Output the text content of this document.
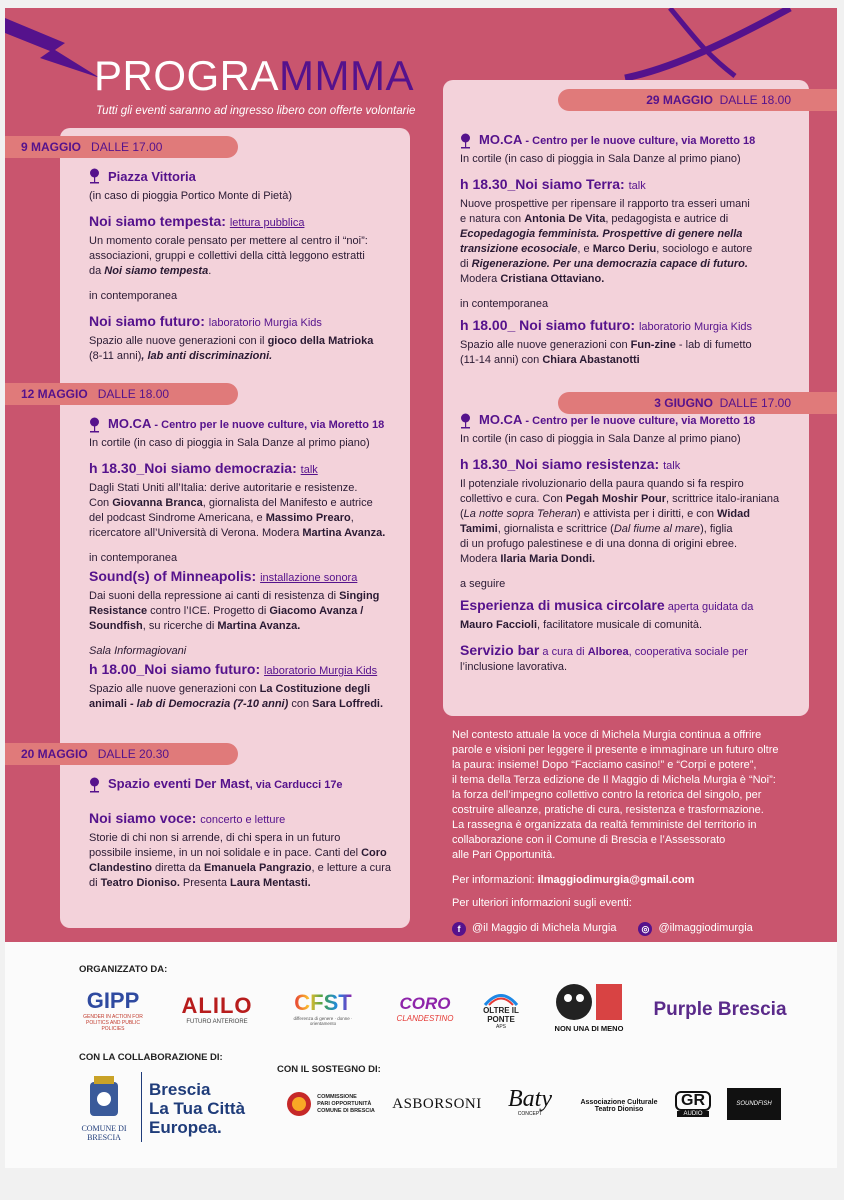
PROGRAMMMA
Tutti gli eventi saranno ad ingresso libero con offerte volontarie
9 MAGGIO DALLE 17.00
Piazza Vittoria

(in caso di pioggia Portico Monte di Pietà)

Noi siamo tempesta: lettura pubblica

Un momento corale pensato per mettere al centro il “noi”:

associazioni, gruppi e collettivi della città leggono estratti

da Noi siamo tempesta.

in contemporanea

Noi siamo futuro: laboratorio Murgia Kids

Spazio alle nuove generazioni con il gioco della Matrioka

(8-11 anni), lab anti discriminazioni.

12 MAGGIO DALLE 18.00
MO.CA - Centro per le nuove culture, via Moretto 18

In cortile (in caso di pioggia in Sala Danze al primo piano)

h 18.30_Noi siamo democrazia: talk

Dagli Stati Uniti all’Italia: derive autoritarie e resistenze.

Con Giovanna Branca, giornalista del Manifesto e autrice

del podcast Sindrome Americana, e Massimo Prearo,

ricercatore all’Università di Verona. Modera Martina Avanza.

in contemporanea

Sound(s) of Minneapolis: installazione sonora

Dai suoni della repressione ai canti di resistenza di Singing

Resistance contro l’ICE. Progetto di Giacomo Avanza /

Soundfish, su ricerche di Martina Avanza.

Sala Informagiovani

h 18.00_Noi siamo futuro: laboratorio Murgia Kids

Spazio alle nuove generazioni con La Costituzione degli

animali - lab di Democrazia (7-10 anni) con Sara Loffredi.

20 MAGGIO DALLE 20.30
Spazio eventi Der Mast, via Carducci 17e
Noi siamo voce: concerto e letture

Storie di chi non si arrende, di chi spera in un futuro

possibile insieme, in un noi solidale e in pace. Canti del Coro

Clandestino diretta da Emanuela Pangrazio, e letture a cura

di Teatro Dioniso. Presenta Laura Mentasti.

29 MAGGIO DALLE 18.00
MO.CA - Centro per le nuove culture, via Moretto 18

In cortile (in caso di pioggia in Sala Danze al primo piano)

h 18.30_Noi siamo Terra: talk

Nuove prospettive per ripensare il rapporto tra esseri umani

e natura con Antonia De Vita, pedagogista e autrice di

Ecopedagogia femminista. Prospettive di genere nella

transizione ecosociale, e Marco Deriu, sociologo e autore

di Rigenerazione. Per una democrazia capace di futuro.

Modera Cristiana Ottaviano.

in contemporanea

h 18.00_ Noi siamo futuro: laboratorio Murgia Kids

Spazio alle nuove generazioni con Fun-zine - lab di fumetto

(11-14 anni) con Chiara Abastanotti

3 GIUGNO DALLE 17.00
MO.CA - Centro per le nuove culture, via Moretto 18

In cortile (in caso di pioggia in Sala Danze al primo piano)

h 18.30_Noi siamo resistenza: talk

Il potenziale rivoluzionario della paura quando si fa respiro

collettivo e cura. Con Pegah Moshir Pour, scrittrice italo-iraniana

(La notte sopra Teheran) e attivista per i diritti, e con Widad

Tamimi, giornalista e scrittrice (Dal fiume al mare), figlia

di un profugo palestinese e di una donna di origini ebree.

Modera Ilaria Maria Dondi.

a seguire

Esperienza di musica circolare aperta guidata da

Mauro Faccioli, facilitatore musicale di comunità.

Servizio bar a cura di Alborea, cooperativa sociale per

l’inclusione lavorativa.

Nel contesto attuale la voce di Michela Murgia continua a offrire

parole e visioni per leggere il presente e immaginare un futuro oltre

la paura: insieme! Dopo “Facciamo casino!” e “Corpi e potere”,

il tema della Terza edizione de Il Maggio di Michela Murgia è “Noi”:

la forza dell’impegno collettivo contro la retorica del singolo, per

costruire alleanze, pratiche di cura, resistenza e trasformazione.

La rassegna è organizzata da realtà femministe del territorio in

collaborazione con il Comune di Brescia e l’Assessorato

alle Pari Opportunità.

Per informazioni: ilmaggiodimurgia@gmail.com

Per ulteriori informazioni sugli eventi:

f	@il Maggio di Michela Murgia	◎ @ilmaggiodimurgia
ORGANIZZATO DA:
GIPP
GENDER IN ACTION FOR POLITICS AND PUBLIC POLICIES
ALILO
FUTURO ANTERIORE
CFST
differenza di genere · donne · orientamento
CORO
CLANDESTINO
OLTRE IL PONTE
APS	NON UNA DI MENO
Purple Brescia
CON LA COLLABORAZIONE DI:
CON IL SOSTEGNO DI:
COMUNE DI BRESCIA
Brescia
La Tua Città
Europea.
COMMISSIONE
PARI OPPORTUNITÀ
COMUNE DI BRESCIA ASBORSONI Baty
CONCEPT
Associazione Culturale
Teatro Dioniso
GR
AUDIO
SOUNDFISH
